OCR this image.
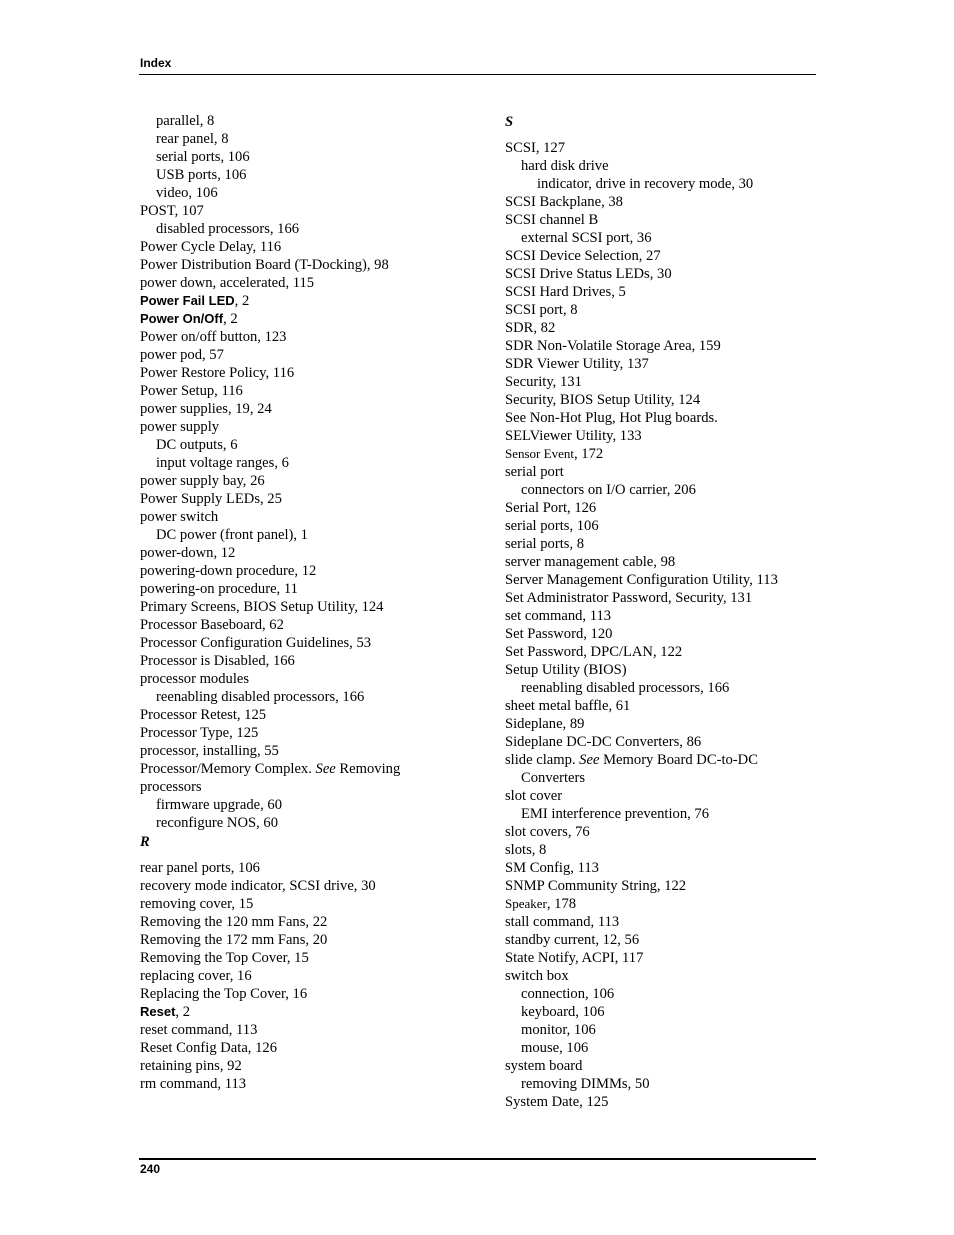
Index
parallel, 8
rear panel, 8
serial ports, 106
USB ports, 106
video, 106
POST, 107
disabled processors, 166
Power Cycle Delay, 116
Power Distribution Board (T-Docking), 98
power down, accelerated, 115
Power Fail LED, 2
Power On/Off, 2
Power on/off button, 123
power pod, 57
Power Restore Policy, 116
Power Setup, 116
power supplies, 19, 24
power supply
DC outputs, 6
input voltage ranges, 6
power supply bay, 26
Power Supply LEDs, 25
power switch
DC power (front panel), 1
power-down, 12
powering-down procedure, 12
powering-on procedure, 11
Primary Screens, BIOS Setup Utility, 124
Processor Baseboard, 62
Processor Configuration Guidelines, 53
Processor is Disabled, 166
processor modules
reenabling disabled processors, 166
Processor Retest, 125
Processor Type, 125
processor, installing, 55
Processor/Memory Complex. See Removing
processors
firmware upgrade, 60
reconfigure NOS, 60
R
rear panel ports, 106
recovery mode indicator, SCSI drive, 30
removing cover, 15
Removing the 120 mm Fans, 22
Removing the 172 mm Fans, 20
Removing the Top Cover, 15
replacing cover, 16
Replacing the Top Cover, 16
Reset, 2
reset command, 113
Reset Config Data, 126
retaining pins, 92
rm command, 113
S
SCSI, 127
hard disk drive
indicator, drive in recovery mode, 30
SCSI Backplane, 38
SCSI channel B
external SCSI port, 36
SCSI Device Selection, 27
SCSI Drive Status LEDs, 30
SCSI Hard Drives, 5
SCSI port, 8
SDR, 82
SDR Non-Volatile Storage Area, 159
SDR Viewer Utility, 137
Security, 131
Security, BIOS Setup Utility, 124
See Non-Hot Plug, Hot Plug boards.
SELViewer Utility, 133
Sensor Event, 172
serial port
connectors on I/O carrier, 206
Serial Port, 126
serial ports, 106
serial ports, 8
server management cable, 98
Server Management Configuration Utility, 113
Set Administrator Password, Security, 131
set command, 113
Set Password, 120
Set Password, DPC/LAN, 122
Setup Utility (BIOS)
reenabling disabled processors, 166
sheet metal baffle, 61
Sideplane, 89
Sideplane DC-DC Converters, 86
slide clamp. See Memory Board DC-to-DC
Converters
slot cover
EMI interference prevention, 76
slot covers, 76
slots, 8
SM Config, 113
SNMP Community String, 122
Speaker, 178
stall command, 113
standby current, 12, 56
State Notify, ACPI, 117
switch box
connection, 106
keyboard, 106
monitor, 106
mouse, 106
system board
removing DIMMs, 50
System Date, 125
240
